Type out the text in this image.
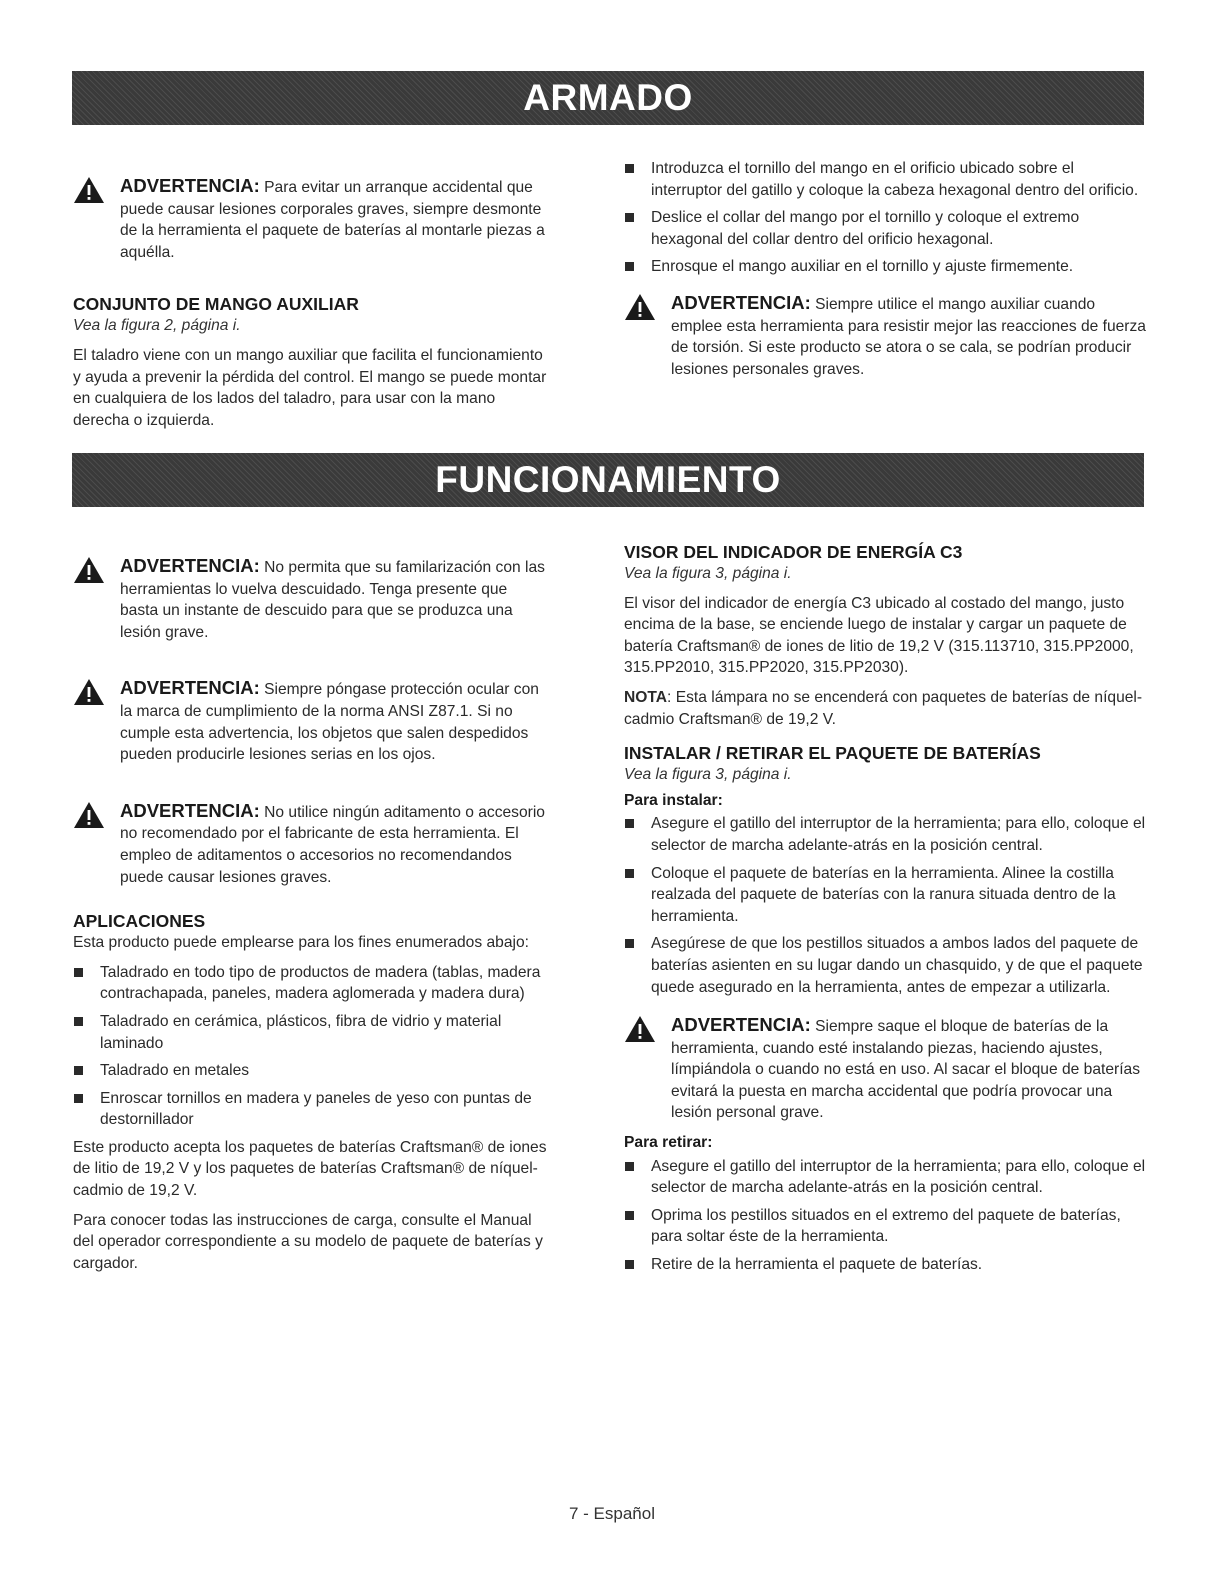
ARMADO
ADVERTENCIA: Para evitar un arranque accidental que puede causar lesiones corporales graves, siempre desmonte de la herramienta el paquete de baterías al montarle piezas a aquélla.
CONJUNTO DE MANGO AUXILIAR
Vea la figura 2, página i.

El taladro viene con un mango auxiliar que facilita el funcionamiento y ayuda a prevenir la pérdida del control. El mango se puede montar en cualquiera de los lados del taladro, para usar con la mano derecha o izquierda.

Introduzca el tornillo del mango en el orificio ubicado sobre el interruptor del gatillo y coloque la cabeza hexagonal dentro del orificio.
Deslice el collar del mango por el tornillo y coloque el extremo hexagonal del collar dentro del orificio hexagonal.
Enrosque el mango auxiliar en el tornillo y ajuste firmemente.
ADVERTENCIA: Siempre utilice el mango auxiliar cuando emplee esta herramienta para resistir mejor las reacciones de fuerza de torsión. Si este producto se atora o se cala, se podrían producir lesiones personales graves.
FUNCIONAMIENTO
ADVERTENCIA: No permita que su familarización con las herramientas lo vuelva descuidado. Tenga presente que basta un instante de descuido para que se produzca una lesión grave.
ADVERTENCIA: Siempre póngase protección ocular con la marca de cumplimiento de la norma ANSI Z87.1. Si no cumple esta advertencia, los objetos que salen despedidos pueden producirle lesiones serias en los ojos.
ADVERTENCIA: No utilice ningún aditamento o accesorio no recomendado por el fabricante de esta herramienta. El empleo de aditamentos o accesorios no recomendandos puede causar lesiones graves.
APLICACIONES

Esta producto puede emplearse para los fines enumerados abajo:

Taladrado en todo tipo de productos de madera (tablas, madera contrachapada, paneles, madera aglomerada y madera dura)
Taladrado en cerámica, plásticos, fibra de vidrio y material laminado
Taladrado en metales
Enroscar tornillos en madera y paneles de yeso con puntas de destornillador

Este producto acepta los paquetes de baterías Craftsman® de iones de litio de 19,2 V y los paquetes de baterías Craftsman® de níquel-cadmio de 19,2 V.

Para conocer todas las instrucciones de carga, consulte el Manual del operador correspondiente a su modelo de paquete de baterías y cargador.

VISOR DEL INDICADOR DE ENERGÍA C3
Vea la figura 3, página i.

El visor del indicador de energía C3 ubicado al costado del mango, justo encima de la base, se enciende luego de instalar y cargar un paquete de batería Craftsman® de iones de litio de 19,2 V (315.113710, 315.PP2000, 315.PP2010, 315.PP2020, 315.PP2030).

NOTA: Esta lámpara no se encenderá con paquetes de baterías de níquel-cadmio Craftsman® de 19,2 V.

INSTALAR / RETIRAR EL PAQUETE DE BATERÍAS
Vea la figura 3, página i.
Para instalar:
Asegure el gatillo del interruptor de la herramienta; para ello, coloque el selector de marcha adelante-atrás en la posición central.
Coloque el paquete de baterías en la herramienta. Alinee la costilla realzada del paquete de baterías con la ranura situada dentro de la herramienta.
Asegúrese de que los pestillos situados a ambos lados del paquete de baterías asienten en su lugar dando un chasquido, y de que el paquete quede asegurado en la herramienta, antes de empezar a utilizarla.
ADVERTENCIA: Siempre saque el bloque de baterías de la herramienta, cuando esté instalando piezas, haciendo ajustes, límpiándola o cuando no está en uso. Al sacar el bloque de baterías evitará la puesta en marcha accidental que podría provocar una lesión personal grave.
Para retirar:
Asegure el gatillo del interruptor de la herramienta; para ello, coloque el selector de marcha adelante-atrás en la posición central.
Oprima los pestillos situados en el extremo del paquete de baterías, para soltar éste de la herramienta.
Retire de la herramienta el paquete de baterías.
7 - Español
